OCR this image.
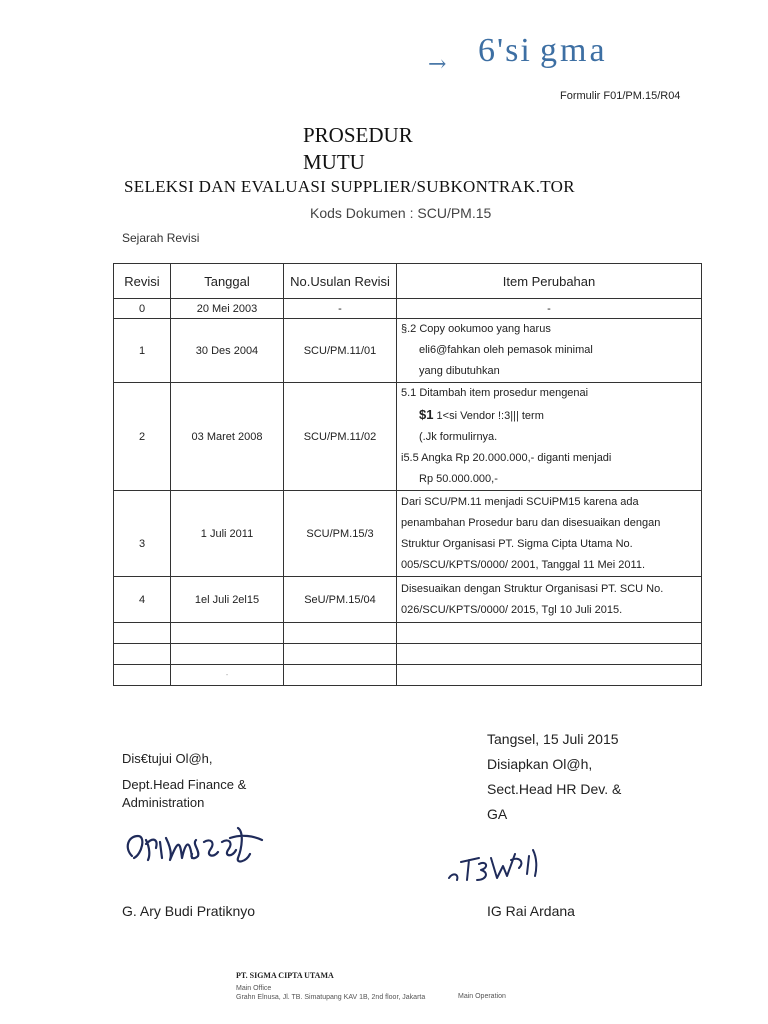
→ 6'si gma
Formulir F01/PM.15/R04
PROSEDUR
MUTU
SELEKSI DAN EVALUASI SUPPLIER/SUBKONTRAK.TOR
Kods Dokumen : SCU/PM.15
Sejarah Revisi
Revisi	Tanggal	No.Usulan Revisi	Item Perubahan
0	20 Mei 2003	-	-
1	30 Des 2004	SCU/PM.11/01	§.2 Copy ookumoo yang harus
eli6@fahkan oleh pemasok minimal
yang dibutuhkan

2	03 Maret 2008	SCU/PM.11/02	5.1 Ditambah item prosedur mengenai
$1 1<si Vendor !:3||| term
(.Jk formulirnya.
i5.5 Angka Rp 20.000.000,- diganti menjadi
Rp 50.000.000,-

3	1 Juli 2011	SCU/PM.15/3	Dari SCU/PM.11 menjadi SCUiPM15 karena ada
penambahan Prosedur baru dan disesuaikan dengan
Struktur Organisasi PT. Sigma Cipta Utama No.
005/SCU/KPTS/0000/ 2001, Tanggal 11 Mei 2011.

4	1el Juli 2el15	SeU/PM.15/04	Disesuaikan dengan Struktur Organisasi PT. SCU No.
026/SCU/KPTS/0000/ 2015, Tgl 10 Juli 2015.

	-		
Tangsel, 15 Juli 2015
Disiapkan Ol@h,
Sect.Head HR Dev. &
GA
Dis€tujui Ol@h,
Dept.Head Finance &
Administration
G. Ary Budi Pratiknyo	IG Rai Ardana
PT. SIGMA CIPTA UTAMA
Main Office
Grahn Elnusa, Jl. TB. Simatupang KAV 1B, 2nd floor, Jakarta	Main Operation
